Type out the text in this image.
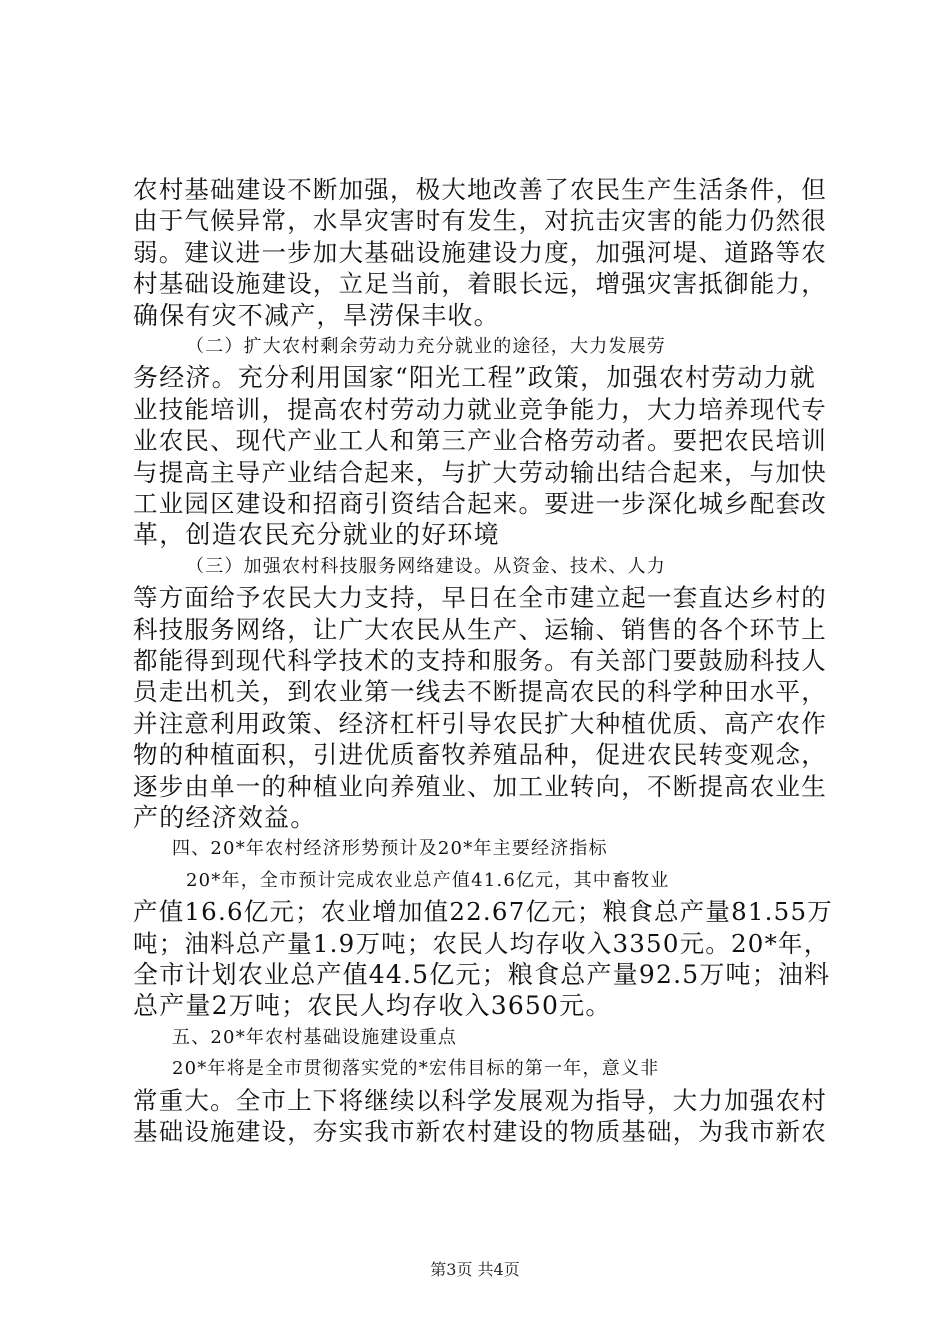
农村基础建设不断加强，极大地改善了农民生产生活条件，但
由于气候异常，水旱灾害时有发生，对抗击灾害的能力仍然很
弱。建议进一步加大基础设施建设力度，加强河堤、道路等农
村基础设施建设，立足当前，着眼长远，增强灾害抵御能力，
确保有灾不减产，旱涝保丰收。
（二）扩大农村剩余劳动力充分就业的途径，大力发展劳
务经济。充分利用国家“阳光工程”政策，加强农村劳动力就
业技能培训，提高农村劳动力就业竞争能力，大力培养现代专
业农民、现代产业工人和第三产业合格劳动者。要把农民培训
与提高主导产业结合起来，与扩大劳动输出结合起来，与加快
工业园区建设和招商引资结合起来。要进一步深化城乡配套改
革，创造农民充分就业的好环境
（三）加强农村科技服务网络建设。从资金、技术、人力
等方面给予农民大力支持，早日在全市建立起一套直达乡村的
科技服务网络，让广大农民从生产、运输、销售的各个环节上
都能得到现代科学技术的支持和服务。有关部门要鼓励科技人
员走出机关，到农业第一线去不断提高农民的科学种田水平，
并注意利用政策、经济杠杆引导农民扩大种植优质、高产农作
物的种植面积，引进优质畜牧养殖品种，促进农民转变观念，
逐步由单一的种植业向养殖业、加工业转向，不断提高农业生
产的经济效益。
四、20*年农村经济形势预计及20*年主要经济指标
20*年，全市预计完成农业总产值41.6亿元，其中畜牧业
产值16.6亿元；农业增加值22.67亿元；粮食总产量81.55万
吨；油料总产量1.9万吨；农民人均存收入3350元。20*年，
全市计划农业总产值44.5亿元；粮食总产量92.5万吨；油料
总产量2万吨；农民人均存收入3650元。
五、20*年农村基础设施建设重点
20*年将是全市贯彻落实党的*宏伟目标的第一年，意义非
常重大。全市上下将继续以科学发展观为指导，大力加强农村
基础设施建设，夯实我市新农村建设的物质基础，为我市新农
第3页 共4页
